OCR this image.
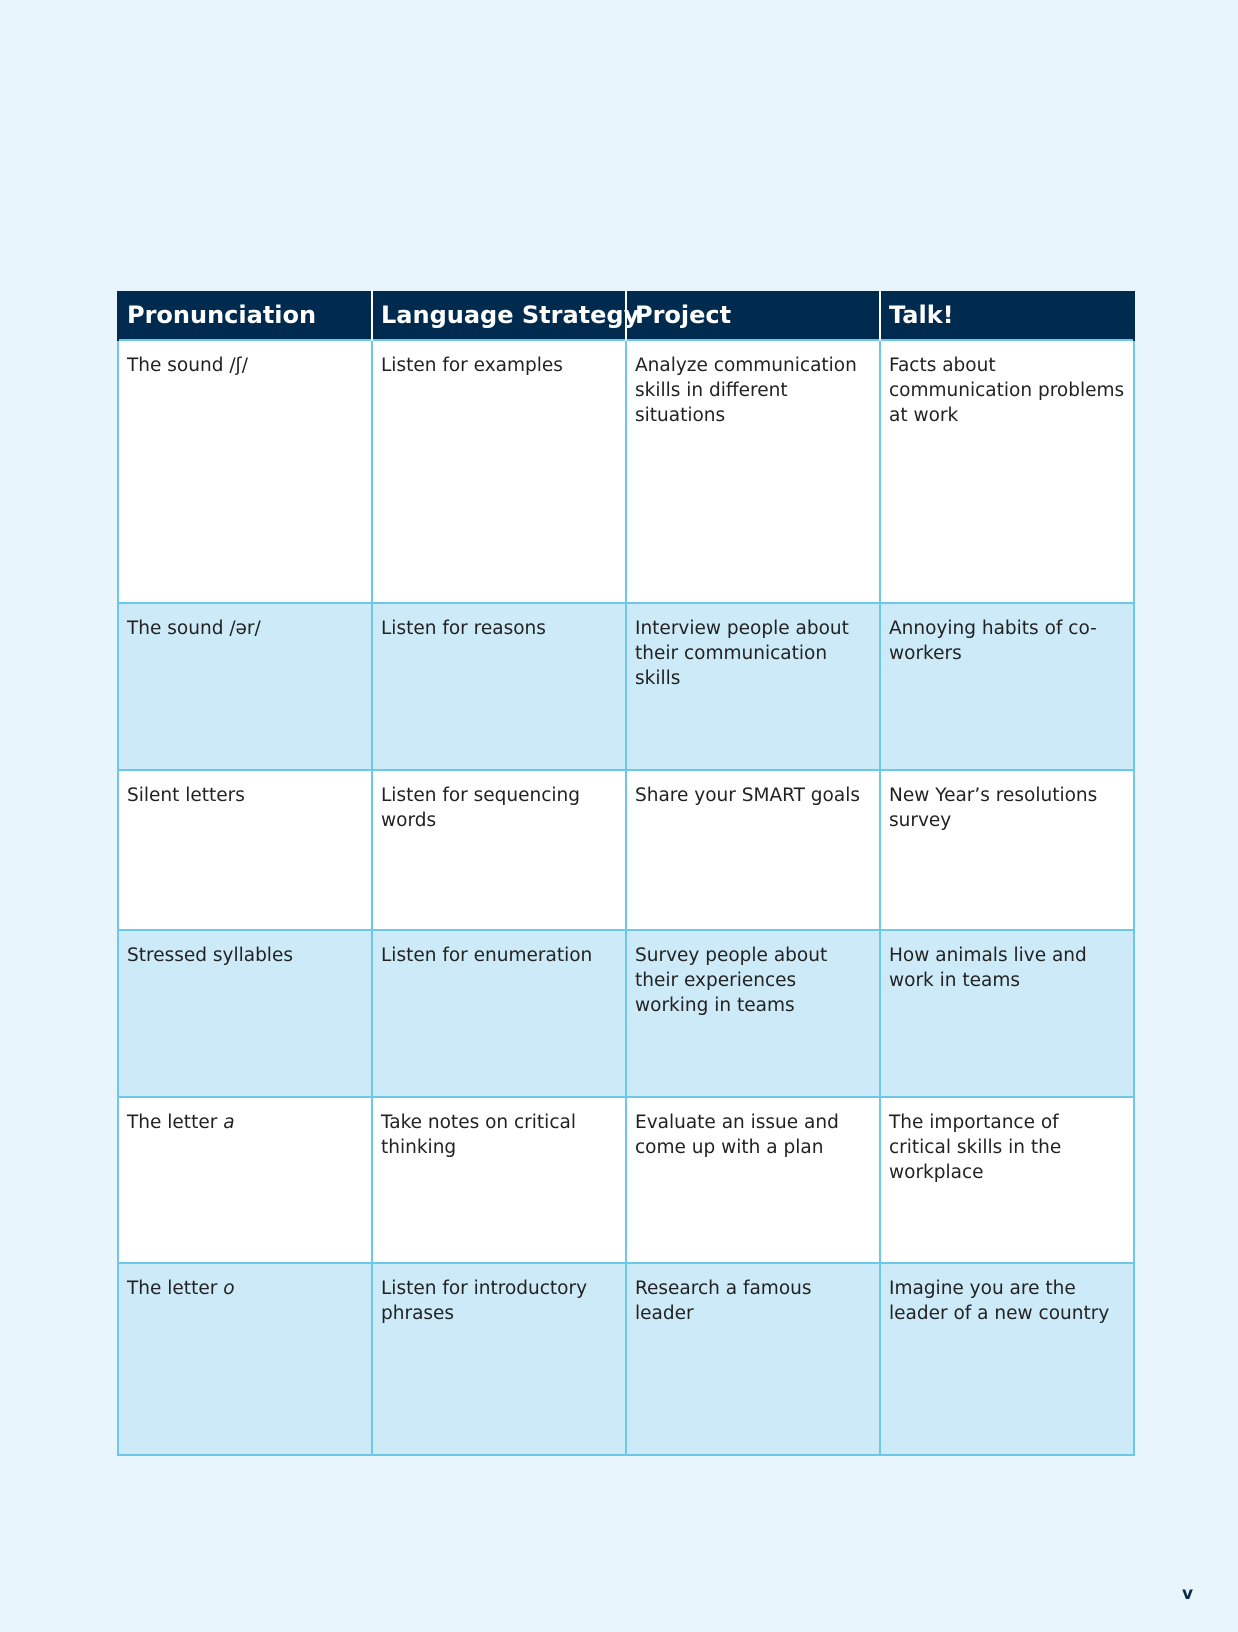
Pronunciation	Language Strategy	Project	Talk!
The sound /ʃ/	Listen for examples	Analyze communication skills in different situations	Facts about communication problems at work
The sound /ər/	Listen for reasons	Interview people about their communication skills	Annoying habits of co-workers
Silent letters	Listen for sequencing words	Share your SMART goals	New Year’s resolutions survey
Stressed syllables	Listen for enumeration	Survey people about their experiences working in teams	How animals live and work in teams
The letter a	Take notes on critical thinking	Evaluate an issue and come up with a plan	The importance of critical skills in the workplace
The letter o	Listen for introductory phrases	Research a famous leader	Imagine you are the leader of a new country
v
